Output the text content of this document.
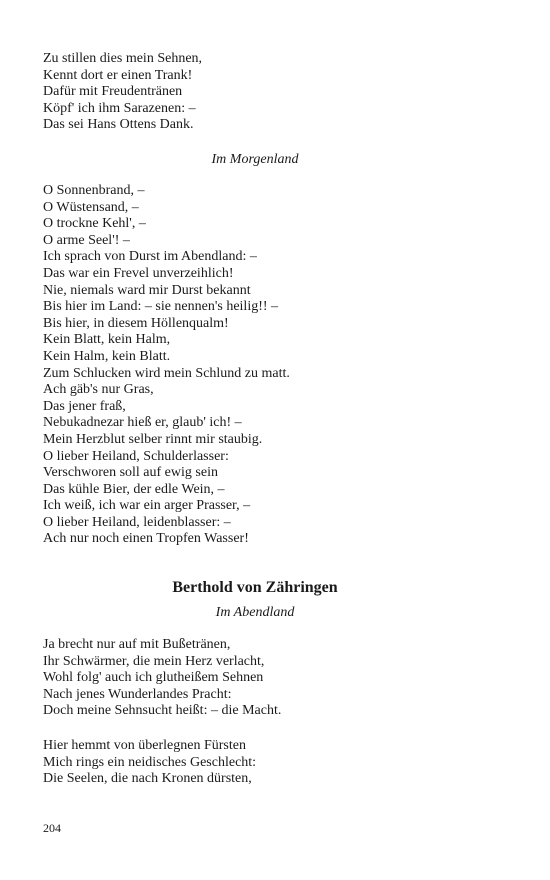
Zu stillen dies mein Sehnen,
Kennt dort er einen Trank!
Dafür mit Freudentränen
Köpf' ich ihm Sarazenen: –
Das sei Hans Ottens Dank.
Im Morgenland
O Sonnenbrand, –
O Wüstensand, –
O trockne Kehl', –
O arme Seel'! –
Ich sprach von Durst im Abendland: –
Das war ein Frevel unverzeihlich!
Nie, niemals ward mir Durst bekannt
Bis hier im Land: – sie nennen's heilig!! –
Bis hier, in diesem Höllenqualm!
Kein Blatt, kein Halm,
Kein Halm, kein Blatt.
Zum Schlucken wird mein Schlund zu matt.
Ach gäb's nur Gras,
Das jener fraß,
Nebukadnezar hieß er, glaub' ich! –
Mein Herzblut selber rinnt mir staubig.
O lieber Heiland, Schulderlasser:
Verschworen soll auf ewig sein
Das kühle Bier, der edle Wein, –
Ich weiß, ich war ein arger Prasser, –
O lieber Heiland, leidenblasser: –
Ach nur noch einen Tropfen Wasser!
Berthold von Zähringen
Im Abendland
Ja brecht nur auf mit Bußetränen,
Ihr Schwärmer, die mein Herz verlacht,
Wohl folg' auch ich gluthеißem Sehnen
Nach jenes Wunderlandes Pracht:
Doch meine Sehnsucht heißt: – die Macht.
Hier hemmt von überlegnen Fürsten
Mich rings ein neidisches Geschlecht:
Die Seelen, die nach Kronen dürsten,
204
